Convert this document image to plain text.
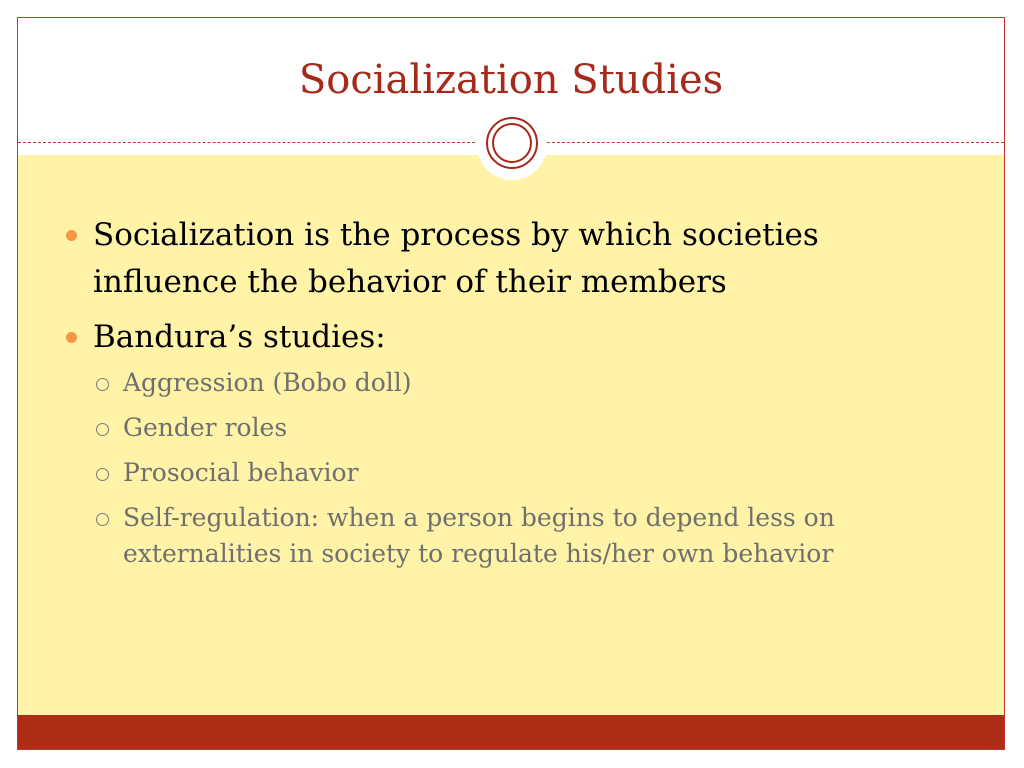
Socialization Studies
Socialization is the process by which societies influence the behavior of their members
Bandura’s studies:
Aggression (Bobo doll)
Gender roles
Prosocial behavior
Self-regulation: when a person begins to depend less on externalities in society to regulate his/her own behavior
